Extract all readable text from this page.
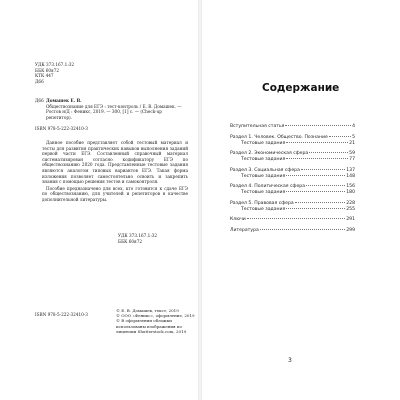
УДК 373.167.1:32
ББК 60я72
КТК 447
Д66
Д66 Домашек Е. В.
Обществознание для ЕГЭ : тест-контроль / Е. В. Домашек. — Ростов н/Д : Феникс, 2019. — 300, [1] с. — (Check-up репетитор).
ISBN 978-5-222-32410-3

Данное пособие представляет собой тестовый материал и тесты для развития практических навыков выполнения заданий первой части ЕГЭ. Составленный справочный материал систематизирован согласно кодификатору ЕГЭ по обществознанию 2020 года. Представленные тестовые задания являются аналогом типовых вариантов ЕГЭ. Такая форма изложения позволяет самостоятельно освоить и закрепить знания с помощью решения тестов и самоконтроля.

Пособие предназначено для всех, кто готовится к сдаче ЕГЭ по обществознанию, для учителей и репетиторов в качестве дополнительной литературы.

УДК 373.167.1:32
ББК 60я72
ISBN 978-5-222-32410-3
© Е. В. Домашек, текст, 2019
© ООО «Феникс», оформление, 2019
© В оформлении обложки использованы изображения по лицензии Shutterstock.com, 2019
Содержание
Вступительная статья	4
Раздел 1. Человек. Общество. Познание	5
Тестовые задания	21
Раздел 2. Экономическая сфера	59
Тестовые задания	77
Раздел 3. Социальная сфера	137
Тестовые задания	148
Раздел 4. Политическая сфера	156
Тестовые задания	180
Раздел 5. Правовая сфера	228
Тестовые задания	255
Ключи	291
Литература	299
3
